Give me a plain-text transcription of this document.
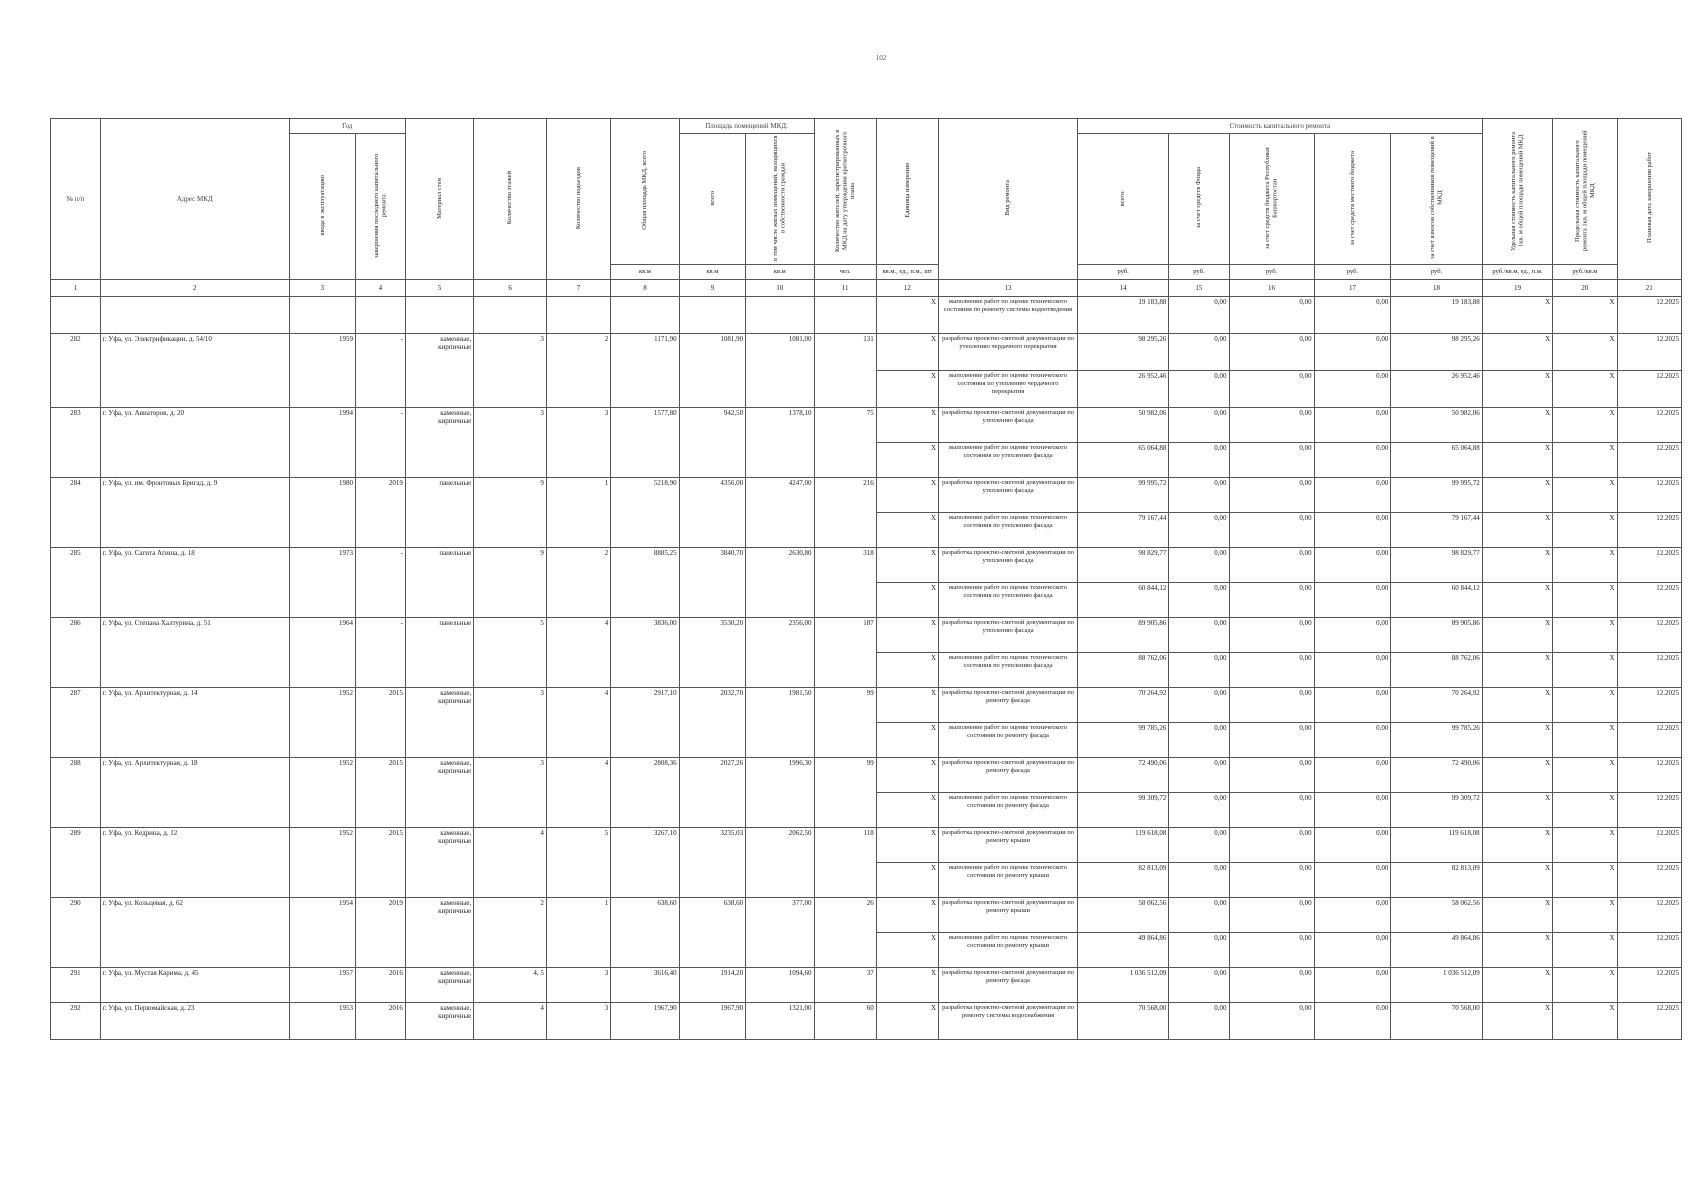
102
№ п/п	Адрес МКД	Год		Материал стен	Количество этажей	Количество подъездов	Общая площадь МКД, всего	Площадь помещений МКД:		Количество жителей, зарегистрированных в МКД на дату утверждения краткосрочного плана	Единица измерения	Вид ремонта	Стоимость капитального ремонта					Удельная стоимость капитального ремонта 1кв. м общей площади помещений МКД	Предельная стоимость капитального ремонта 1кв. м общей площади помещений МКД	Плановая дата завершения работ
		ввода в эксплуатацию	завершения последнего капитального ремонта					всего	в том числе жилых помещений, находящихся в собственности граждан				всего:	за счет средств Фонда	за счет средств бюджета Республики Башкортостан	за счет средств местного бюджета	за счет взносов собственников помещений в МКД			
							кв.м	кв.м	кв.м	чел.	кв.м., ед., п.м., шт		руб.	руб.	руб.	руб.	руб.	руб./кв.м, ед., п.м.	руб./кв.м	
1	2	3	4	5	6	7	8	9	10	11	12	13	14	15	16	17	18	19	20	21
											X	выполнение работ по оценке технического состояния по ремонту системы водоотведения	19 183,88	0,00	0,00	0,00	19 183,88	X	X	12.2025
282	г. Уфа, ул. Электрификации, д. 54/10	1959	-	каменные, кирпичные	3	2	1171,90	1081,90	1081,00	131	X	разработка проектно-сметной документации по утеплению чердачного перекрытия	98 295,26	0,00	0,00	0,00	98 295,26	X	X	12.2025
											X	выполнение работ по оценке технического состояния по утеплению чердачного перекрытия	26 952,46	0,00	0,00	0,00	26 952,46	X	X	12.2025
283	г. Уфа, ул. Авиаторов, д. 20	1994	-	каменные, кирпичные	3	3	1577,80	942,50	1378,10	75	X	разработка проектно-сметной документации по утеплению фасада	50 982,06	0,00	0,00	0,00	50 982,06	X	X	12.2025
											X	выполнение работ по оценке технического состояния по утеплению фасада	65 064,88	0,00	0,00	0,00	65 064,88	X	X	12.2025
284	г. Уфа, ул. им. Фронтовых Бригад, д. 9	1980	2019	панельные	9	1	5218,90	4356,00	4247,00	216	X	разработка проектно-сметной документации по утеплению фасада	99 995,72	0,00	0,00	0,00	99 995,72	X	X	12.2025
											X	выполнение работ по оценке технического состояния по утеплению фасада	79 167,44	0,00	0,00	0,00	79 167,44	X	X	12.2025
285	г. Уфа, ул. Сагита Агиша, д. 18	1973	-	панельные	9	2	8885,25	3840,70	2630,80	318	X	разработка проектно-сметной документации по утеплению фасада	98 829,77	0,00	0,00	0,00	98 829,77	X	X	12.2025
											X	выполнение работ по оценке технического состояния по утеплению фасада	60 844,12	0,00	0,00	0,00	60 844,12	X	X	12.2025
286	г. Уфа, ул. Степана Халтурина, д. 51	1964	-	панельные	5	4	3836,00	3530,20	2356,00	187	X	разработка проектно-сметной документации по утеплению фасада	89 905,86	0,00	0,00	0,00	89 905,86	X	X	12.2025
											X	выполнение работ по оценке технического состояния по утеплению фасада	88 762,06	0,00	0,00	0,00	88 762,06	X	X	12.2025
287	г. Уфа, ул. Архитектурная, д. 14	1952	2015	каменные, кирпичные	3	4	2917,10	2032,70	1981,50	99	X	разработка проектно-сметной документации по ремонту фасада	70 264,92	0,00	0,00	0,00	70 264,92	X	X	12.2025
											X	выполнение работ по оценке технического состояния по ремонту фасада	99 785,26	0,00	0,00	0,00	99 785,26	X	X	12.2025
288	г. Уфа, ул. Архитектурная, д. 18	1952	2015	каменные, кирпичные	3	4	2808,36	2027,26	1996,30	99	X	разработка проектно-сметной документации по ремонту фасада	72 490,06	0,00	0,00	0,00	72 490,06	X	X	12.2025
											X	выполнение работ по оценке технического состояния по ремонту фасада	99 309,72	0,00	0,00	0,00	99 309,72	X	X	12.2025
289	г. Уфа, ул. Кедрина, д. 12	1952	2015	каменные, кирпичные	4	5	3267,10	3235,03	2062,50	118	X	разработка проектно-сметной документации по ремонту крыши	119 618,08	0,00	0,00	0,00	119 618,08	X	X	12.2025
											X	выполнение работ по оценке технического состояния по ремонту крыши	82 813,09	0,00	0,00	0,00	82 813,09	X	X	12.2025
290	г. Уфа, ул. Кольцевая, д. 62	1954	2019	каменные, кирпичные	2	1	638,60	638,60	377,00	26	X	разработка проектно-сметной документации по ремонту крыши	58 062,56	0,00	0,00	0,00	58 062,56	X	X	12.2025
											X	выполнение работ по оценке технического состояния по ремонту крыши	49 864,86	0,00	0,00	0,00	49 864,86	X	X	12.2025
291	г. Уфа, ул. Мустая Карима, д. 45	1957	2016	каменные, кирпичные	4, 5	3	3616,40	1914,20	1094,60	37	X	разработка проектно-сметной документации по ремонту фасада	1 036 512,09	0,00	0,00	0,00	1 036 512,09	X	X	12.2025
292	г. Уфа, ул. Первомайская, д. 23	1953	2016	каменные, кирпичные	4	3	1967,90	1967,90	1321,00	60	X	разработка проектно-сметной документации по ремонту системы водоснабжения	70 568,00	0,00	0,00	0,00	70 568,00	X	X	12.2025
